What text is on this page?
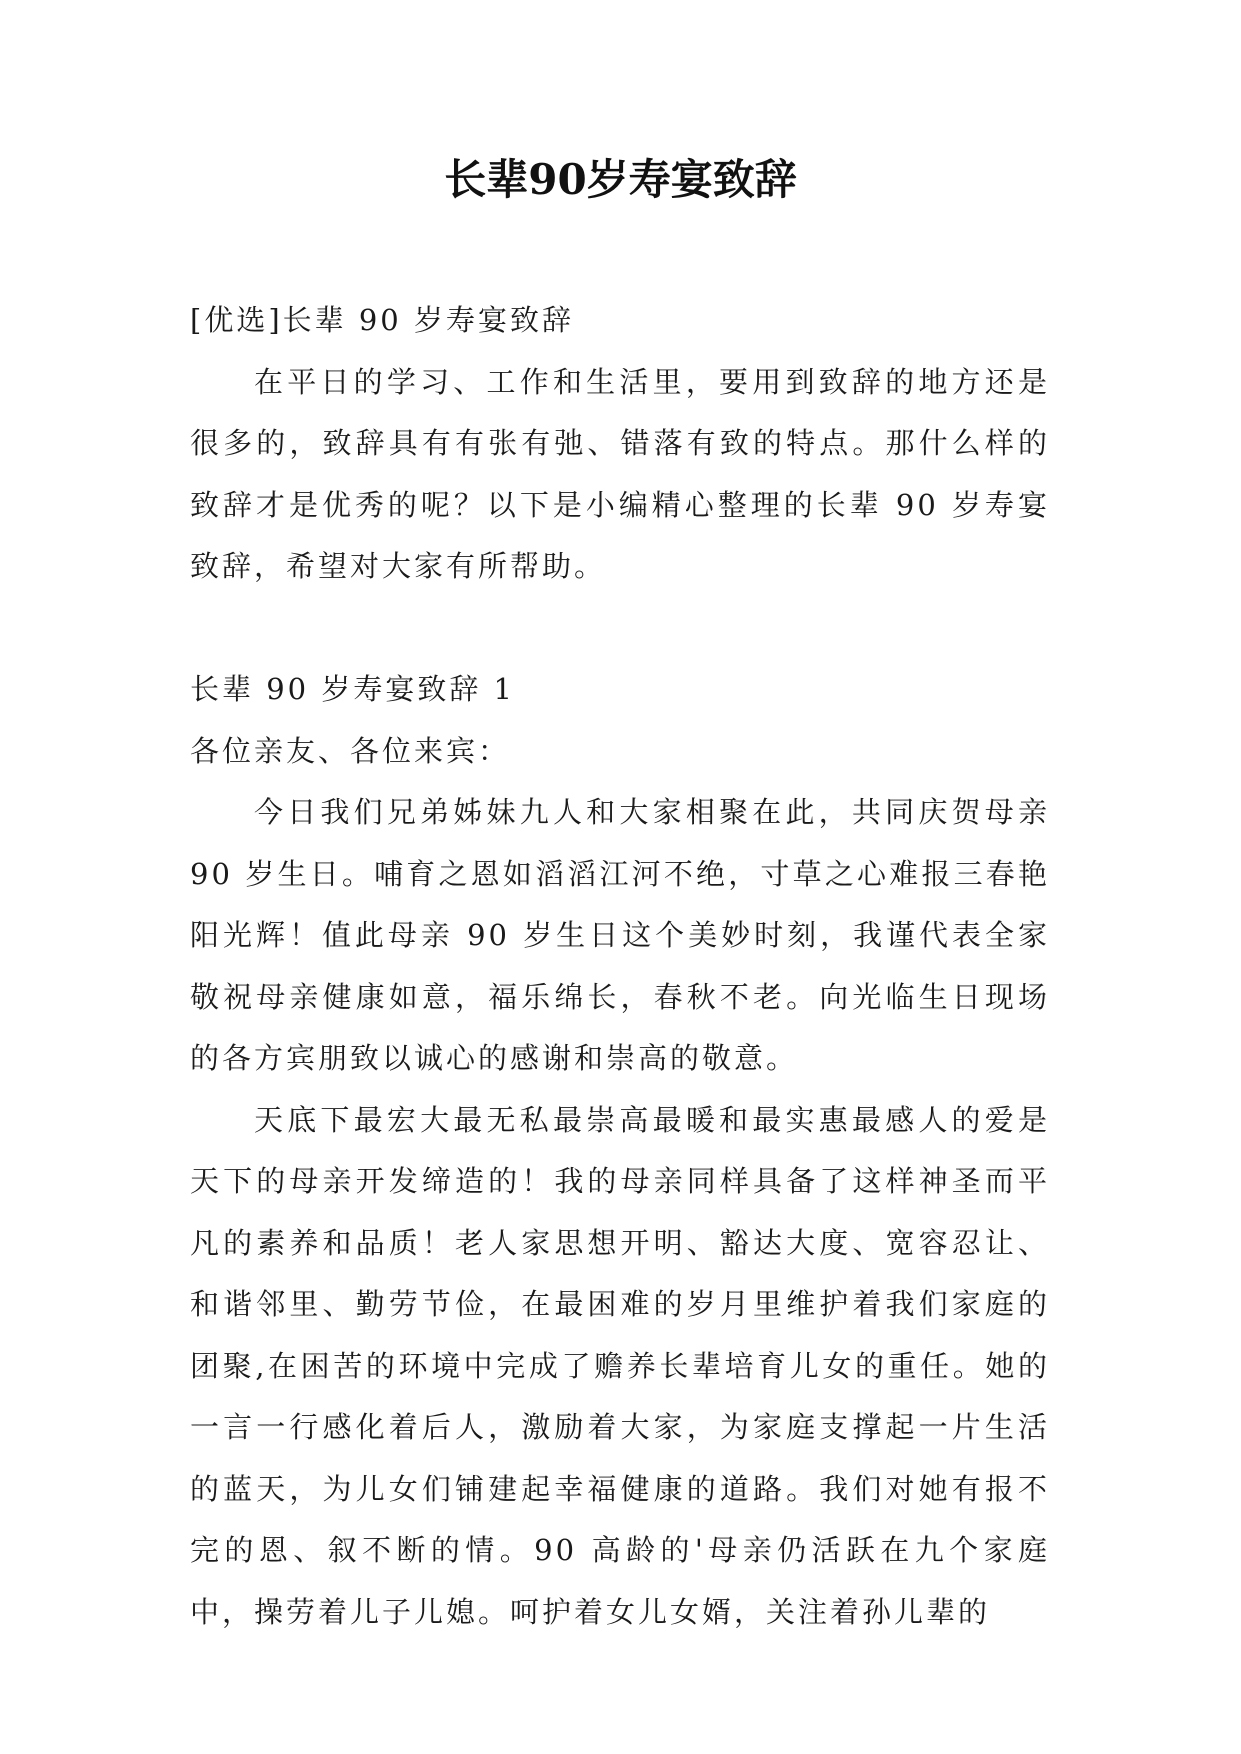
长辈90岁寿宴致辞

[优选]长辈 90 岁寿宴致辞

在平日的学习、工作和生活里，要用到致辞的地方还是很多的，致辞具有有张有弛、错落有致的特点。那什么样的致辞才是优秀的呢？以下是小编精心整理的长辈 90 岁寿宴致辞，希望对大家有所帮助。

长辈 90 岁寿宴致辞 1

各位亲友、各位来宾：

今日我们兄弟姊妹九人和大家相聚在此，共同庆贺母亲 90 岁生日。哺育之恩如滔滔江河不绝，寸草之心难报三春艳阳光辉！值此母亲 90 岁生日这个美妙时刻，我谨代表全家敬祝母亲健康如意，福乐绵长，春秋不老。向光临生日现场的各方宾朋致以诚心的感谢和崇高的敬意。

天底下最宏大最无私最崇高最暖和最实惠最感人的爱是天下的母亲开发缔造的！我的母亲同样具备了这样神圣而平凡的素养和品质！老人家思想开明、豁达大度、宽容忍让、和谐邻里、勤劳节俭，在最困难的岁月里维护着我们家庭的团聚,在困苦的环境中完成了赡养长辈培育儿女的重任。她的一言一行感化着后人，激励着大家，为家庭支撑起一片生活的蓝天，为儿女们铺建起幸福健康的道路。我们对她有报不完的恩、叙不断的情。90 高龄的'母亲仍活跃在九个家庭中，操劳着儿子儿媳。呵护着女儿女婿，关注着孙儿辈的
